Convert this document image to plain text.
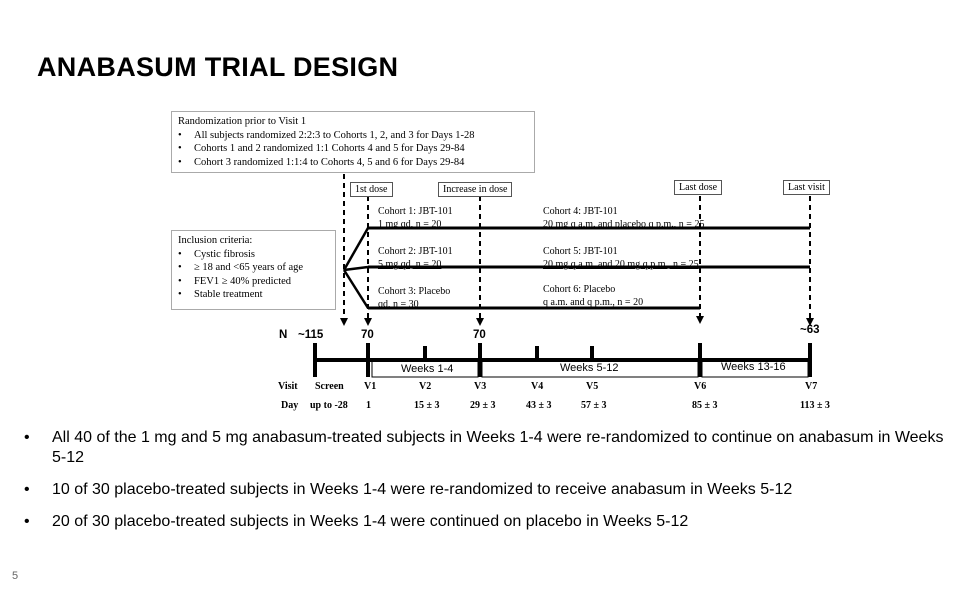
ANABASUM TRIAL DESIGN
Randomization prior to Visit 1
• All subjects randomized 2:2:3 to Cohorts 1, 2, and 3 for Days 1-28
• Cohorts 1 and 2 randomized 1:1 Cohorts 4 and 5 for Days 29-84
• Cohort 3 randomized 1:1:4 to Cohorts 4, 5 and 6 for Days 29-84
Inclusion criteria:
• Cystic fibrosis
• ≥ 18 and <65 years of age
• FEV1 ≥ 40% predicted
• Stable treatment
1st dose	Increase in dose	Last dose	Last visit
Cohort 1: JBT-101
1 mg qd, n = 20
Cohort 2: JBT-101
5 mg qd, n = 20
Cohort 3: Placebo
qd, n = 30
Cohort 4: JBT-101
20 mg q a.m. and placebo q p.m., n = 25
Cohort 5: JBT-101
20 mg q a.m. and 20 mg q p.m., n = 25
Cohort 6: Placebo
q a.m. and q p.m., n = 20
N ~115	70	70	~63
Weeks 1-4	Weeks 5-12	Weeks 13-16
Visit Screen V1	V2	V3	V4	V5	V6	V7
Day up to -28 1	15 ± 3	29 ± 3	43 ± 3	57 ± 3	85 ± 3	113 ± 3
• All 40 of the 1 mg and 5 mg anabasum-treated subjects in Weeks 1-4 were re-randomized to continue on anabasum in Weeks 5-12
• 10 of 30 placebo-treated subjects in Weeks 1-4 were re-randomized to receive anabasum in Weeks 5-12
• 20 of 30 placebo-treated subjects in Weeks 1-4 were continued on placebo in Weeks 5-12
5
